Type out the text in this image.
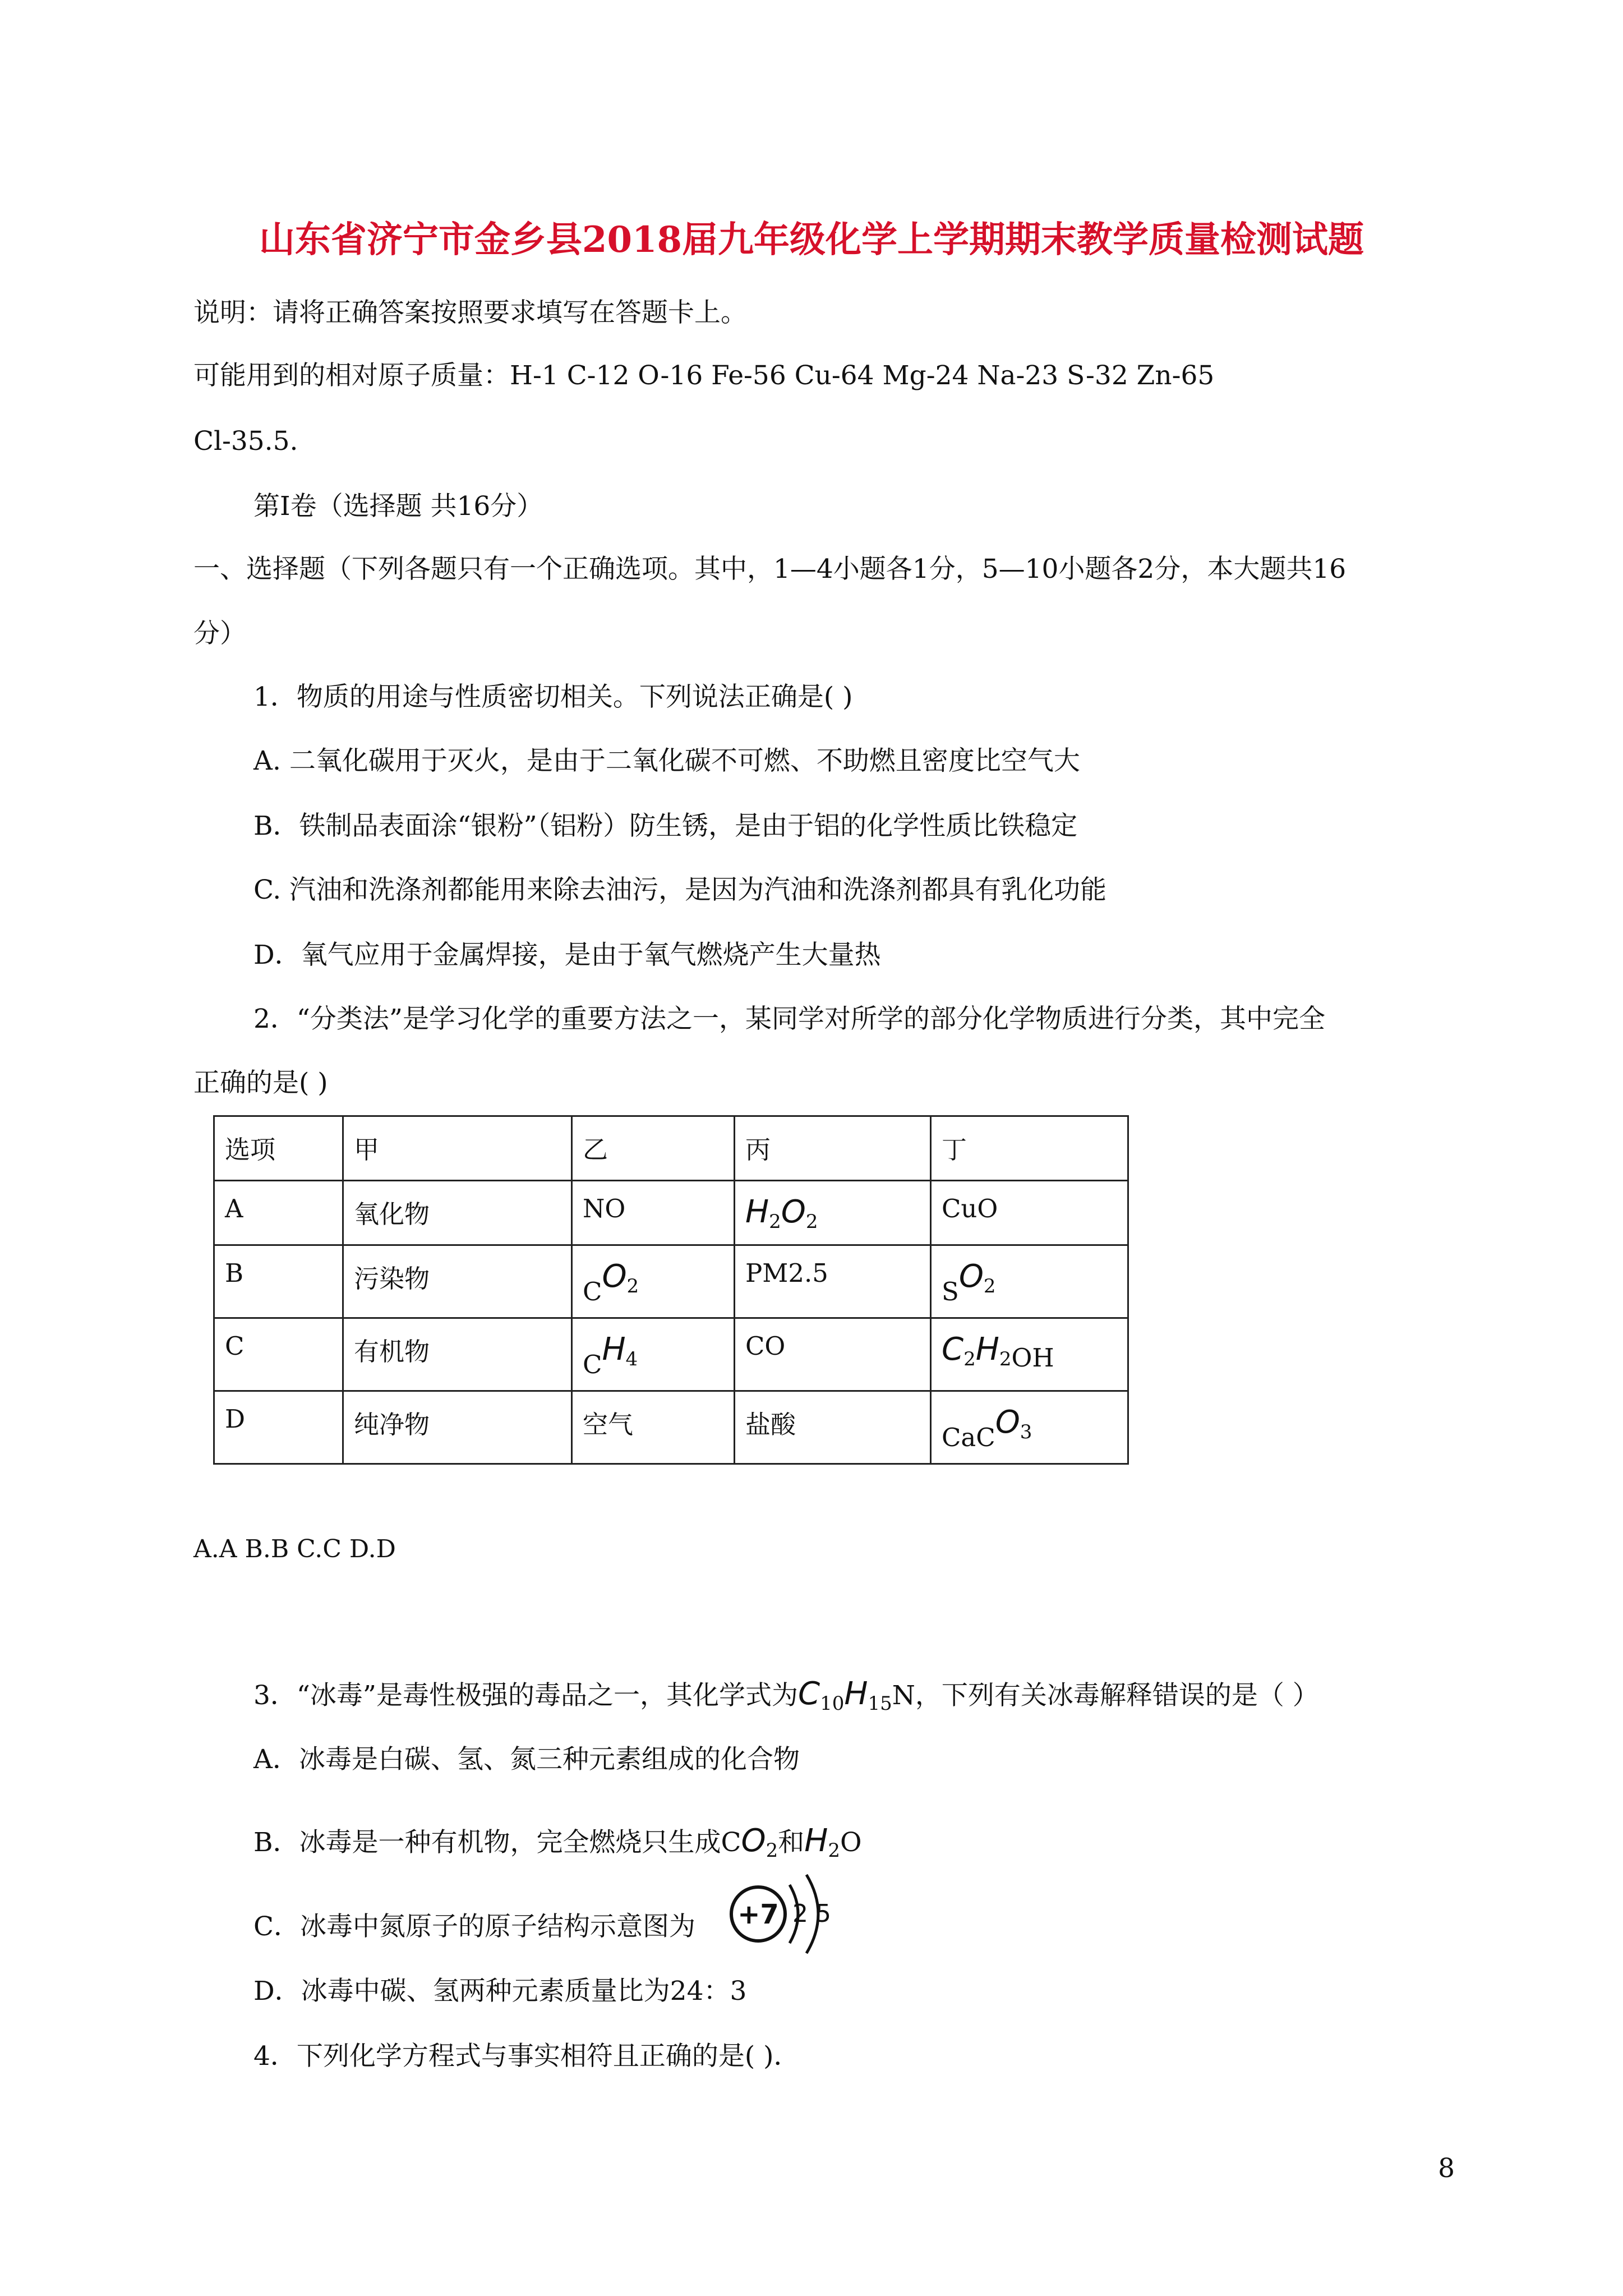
山东省济宁市金乡县2018届九年级化学上学期期末教学质量检测试题
说明：请将正确答案按照要求填写在答题卡上。
可能用到的相对原子质量：H-1 C-12 O-16 Fe-56 Cu-64 Mg-24 Na-23 S-32 Zn-65
Cl-35.5.
第Ⅰ卷（选择题 共16分）
一、选择题（下列各题只有一个正确选项。其中，1—4小题各1分，5—10小题各2分，本大题共16
分）
1．物质的用途与性质密切相关。下列说法正确是( )
A. 二氧化碳用于灭火，是由于二氧化碳不可燃、不助燃且密度比空气大
B．铁制品表面涂“银粉”（铝粉）防生锈，是由于铝的化学性质比铁稳定
C. 汽油和洗涤剂都能用来除去油污，是因为汽油和洗涤剂都具有乳化功能
D．氧气应用于金属焊接，是由于氧气燃烧产生大量热
2．“分类法”是学习化学的重要方法之一，某同学对所学的部分化学物质进行分类，其中完全
正确的是( )
选项	甲	乙	丙	丁
A	氧化物	NO	$H_2O_2$	CuO
B	污染物	$CO_2$	PM2.5	$SO_2$
C	有机物	$CH_4$	CO	$C_2H_2OH$
D	纯净物	空气	盐酸	CaCO$_3$
A.A B.B C.C D.D
3．“冰毒”是毒性极强的毒品之一，其化学式为$C_{10}H_{15}N$，下列有关冰毒解释错误的是（ ）
A．冰毒是白碳、氢、氮三种元素组成的化合物
B．冰毒是一种有机物，完全燃烧只生成$CO_2$和$H_2O$
+7 2 5
C．冰毒中氮原子的原子结构示意图为
D．冰毒中碳、氢两种元素质量比为24：3
4．下列化学方程式与事实相符且正确的是( )．
8
